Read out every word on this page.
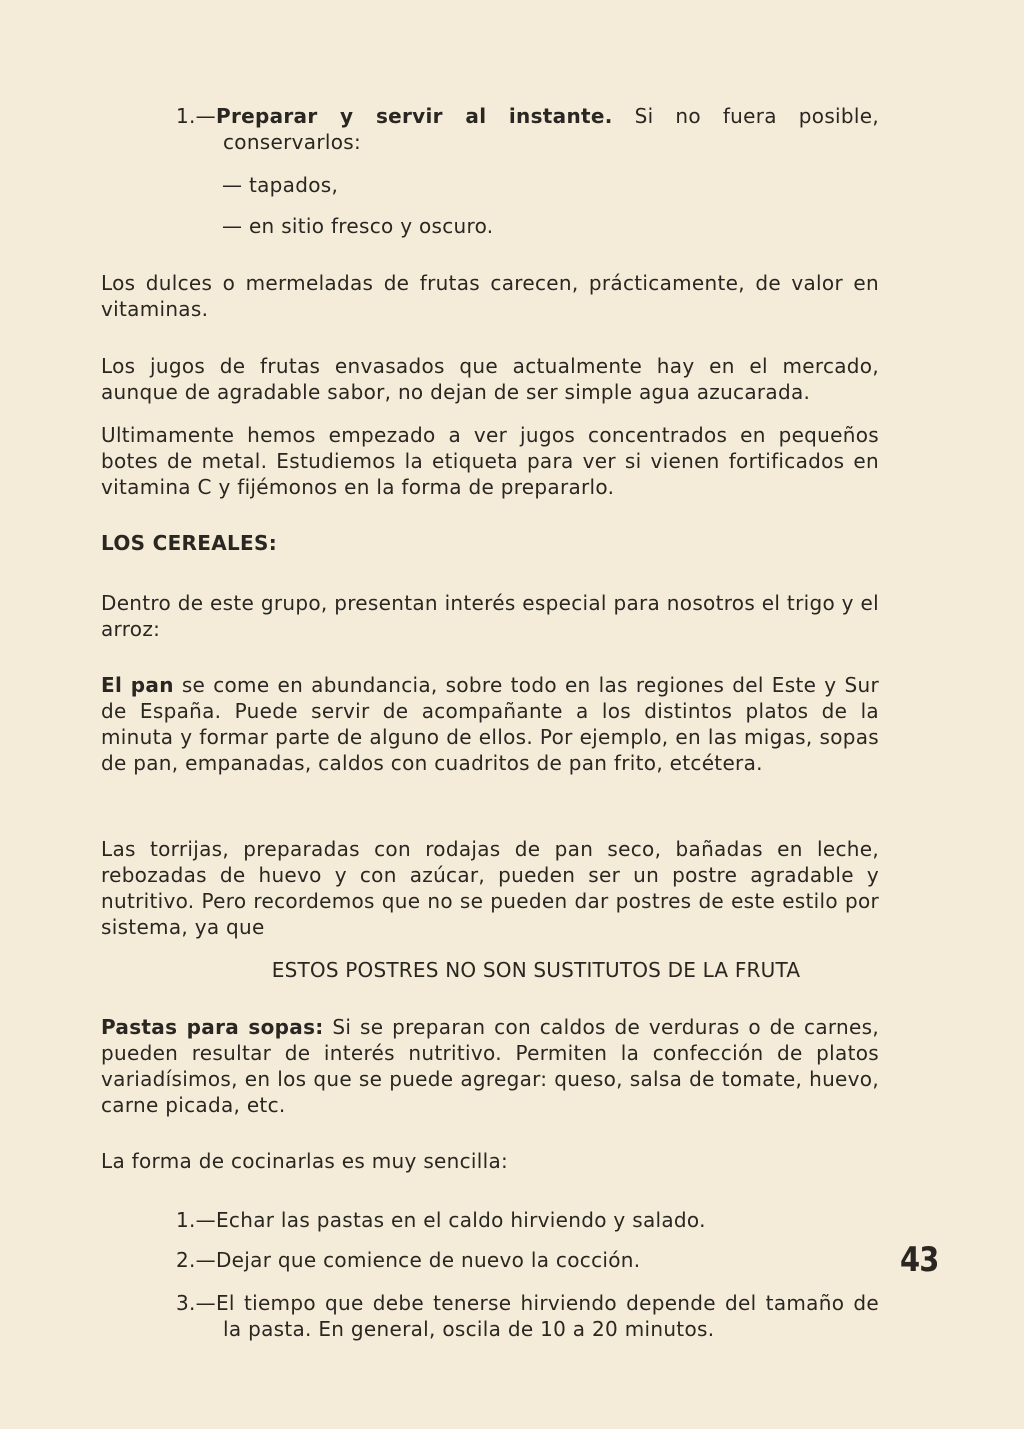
1.—Preparar y servir al instante. Si no fuera posible, conservarlos:
— tapados,
— en sitio fresco y oscuro.
Los dulces o mermeladas de frutas carecen, prácticamente, de valor en vitaminas.
Los jugos de frutas envasados que actualmente hay en el mercado, aunque de agradable sabor, no dejan de ser simple agua azucarada.
Ultimamente hemos empezado a ver jugos concentrados en pequeños botes de metal. Estudiemos la etiqueta para ver si vienen fortificados en vitamina C y fijémonos en la forma de prepararlo.
LOS CEREALES:
Dentro de este grupo, presentan interés especial para nosotros el trigo y el arroz:
El pan se come en abundancia, sobre todo en las regiones del Este y Sur de España. Puede servir de acompañante a los distintos platos de la minuta y formar parte de alguno de ellos. Por ejemplo, en las migas, sopas de pan, empanadas, caldos con cuadritos de pan frito, etcétera.
Las torrijas, preparadas con rodajas de pan seco, bañadas en leche, rebozadas de huevo y con azúcar, pueden ser un postre agradable y nutritivo. Pero recordemos que no se pueden dar postres de este estilo por sistema, ya que
ESTOS POSTRES NO SON SUSTITUTOS DE LA FRUTA
Pastas para sopas: Si se preparan con caldos de verduras o de carnes, pueden resultar de interés nutritivo. Permiten la confección de platos variadísimos, en los que se puede agregar: queso, salsa de tomate, huevo, carne picada, etc.
La forma de cocinarlas es muy sencilla:
1.—Echar las pastas en el caldo hirviendo y salado.
2.—Dejar que comience de nuevo la cocción.
3.—El tiempo que debe tenerse hirviendo depende del tamaño de la pasta. En general, oscila de 10 a 20 minutos.
43
